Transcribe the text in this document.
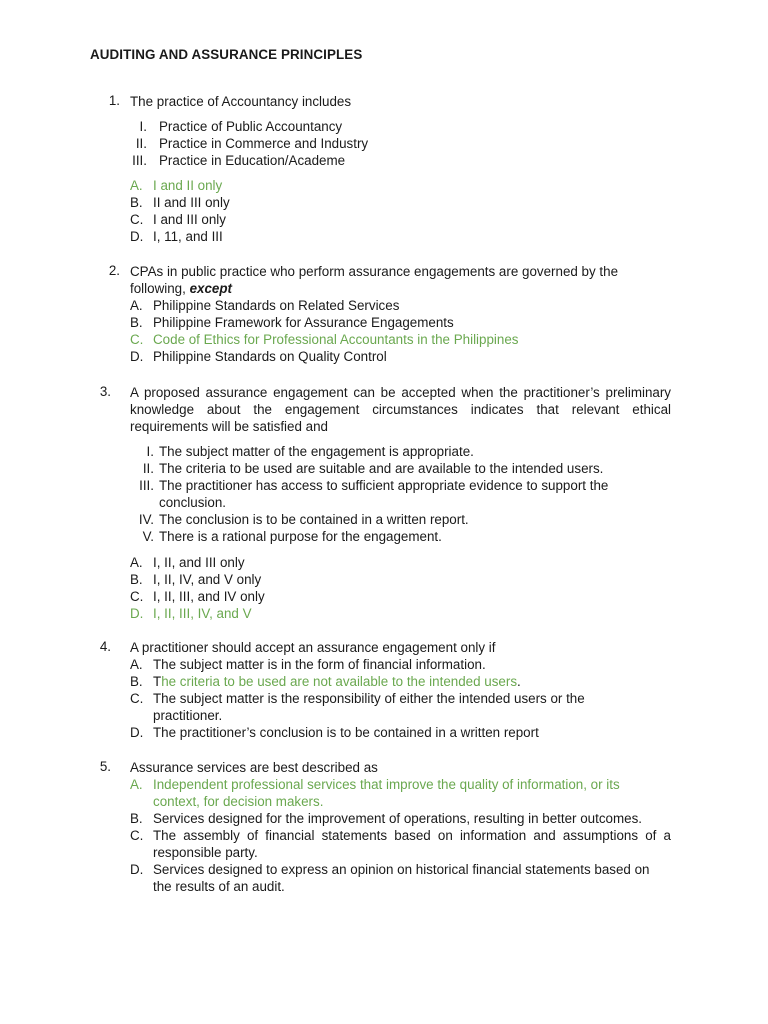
AUDITING AND ASSURANCE PRINCIPLES
1. The practice of Accountancy includes
I. Practice of Public Accountancy
II. Practice in Commerce and Industry
III. Practice in Education/Academe
A. I and II only
B. II and III only
C. I and III only
D. I, 11, and III
2. CPAs in public practice who perform assurance engagements are governed by the
following, except
A. Philippine Standards on Related Services
B. Philippine Framework for Assurance Engagements
C. Code of Ethics for Professional Accountants in the Philippines
D. Philippine Standards on Quality Control
3. A proposed assurance engagement can be accepted when the practitioner’s preliminary knowledge about the engagement circumstances indicates that relevant ethical requirements will be satisfied and
I. The subject matter of the engagement is appropriate.
II. The criteria to be used are suitable and are available to the intended users.
III. The practitioner has access to sufficient appropriate evidence to support the
conclusion.
IV. The conclusion is to be contained in a written report.
V. There is a rational purpose for the engagement.
A. I, II, and III only
B. I, II, IV, and V only
C. I, II, III, and IV only
D. I, II, III, IV, and V
4. A practitioner should accept an assurance engagement only if
A. The subject matter is in the form of financial information.
B. The criteria to be used are not available to the intended users.
C. The subject matter is the responsibility of either the intended users or the practitioner.
D. The practitioner’s conclusion is to be contained in a written report
5. Assurance services are best described as
A. Independent professional services that improve the quality of information, or its context, for decision makers.
B. Services designed for the improvement of operations, resulting in better outcomes.
C. The assembly of financial statements based on information and assumptions of a responsible party.
D. Services designed to express an opinion on historical financial statements based on the results of an audit.
